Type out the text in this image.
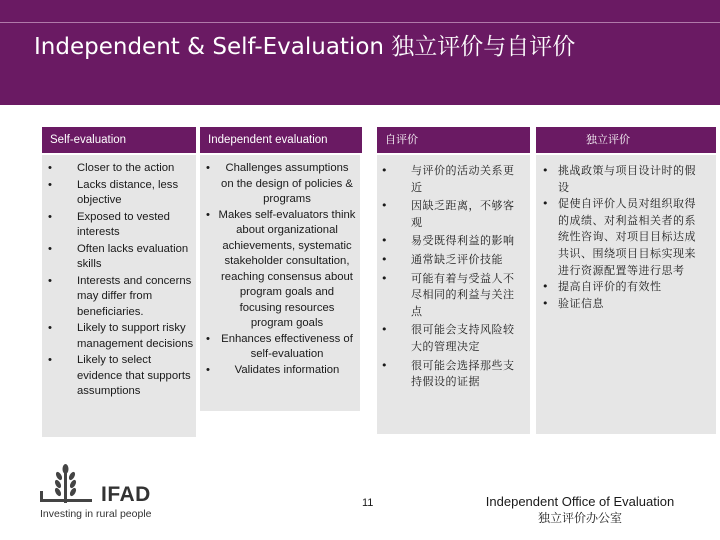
Independent & Self-Evaluation 独立评价与自评价
Self-evaluation
• Closer to the action
• Lacks distance, less objective
• Exposed to vested interests
• Often lacks evaluation skills
• Interests and concerns may differ from beneficiaries.
• Likely to support risky management decisions
• Likely to select evidence that supports assumptions
Independent evaluation
• Challenges assumptions on the design of policies & programs
• Makes self-evaluators think about organizational achievements, systematic stakeholder consultation, reaching consensus about program goals and focusing resources program goals
• Enhances effectiveness of self-evaluation
• Validates information
自评价
• 与评价的活动关系更近
• 因缺乏距离，不够客观
• 易受既得利益的影响
• 通常缺乏评价技能
• 可能有着与受益人不尽相同的利益与关注点
• 很可能会支持风险较大的管理决定
• 很可能会选择那些支持假设的证据
独立评价
• 挑战政策与项目设计时的假设
• 促使自评价人员对组织取得的成绩、对利益相关者的系统性咨询、对项目目标达成共识、围绕项目目标实现来进行资源配置等进行思考
• 提高自评价的有效性
• 验证信息
IFAD
Investing in rural people
11	Independent Office of Evaluation
独立评价办公室
